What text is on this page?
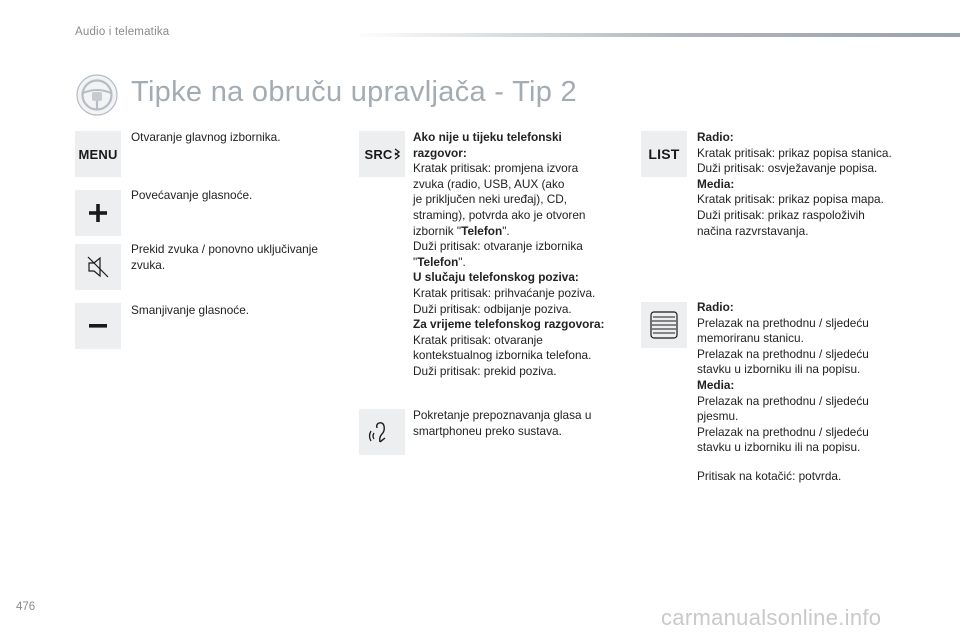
Audio i telematika
Tipke na obruču upravljača - Tip 2
MENU
Otvaranje glavnog izbornika.
Povećavanje glasnoće.
Prekid zvuka / ponovno uključivanje
zvuka.
Smanjivanje glasnoće.
SRC
Ako nije u tijeku telefonski
razgovor:
Kratak pritisak: promjena izvora
zvuka (radio, USB, AUX (ako
je priključen neki uređaj), CD,
straming), potvrda ako je otvoren
izbornik "Telefon".
Duži pritisak: otvaranje izbornika
"Telefon".
U slučaju telefonskog poziva:
Kratak pritisak: prihvaćanje poziva.
Duži pritisak: odbijanje poziva.
Za vrijeme telefonskog razgovora:
Kratak pritisak: otvaranje
kontekstualnog izbornika telefona.
Duži pritisak: prekid poziva.
Pokretanje prepoznavanja glasa u
smartphoneu preko sustava.
LIST
Radio:
Kratak pritisak: prikaz popisa stanica.
Duži pritisak: osvježavanje popisa.
Media:
Kratak pritisak: prikaz popisa mapa.
Duži pritisak: prikaz raspoloživih
načina razvrstavanja.
Radio:
Prelazak na prethodnu / sljedeću
memoriranu stanicu.
Prelazak na prethodnu / sljedeću
stavku u izborniku ili na popisu.
Media:
Prelazak na prethodnu / sljedeću
pjesmu.
Prelazak na prethodnu / sljedeću
stavku u izborniku ili na popisu.
Pritisak na kotačić: potvrda.
476	carmanualsonline.info
